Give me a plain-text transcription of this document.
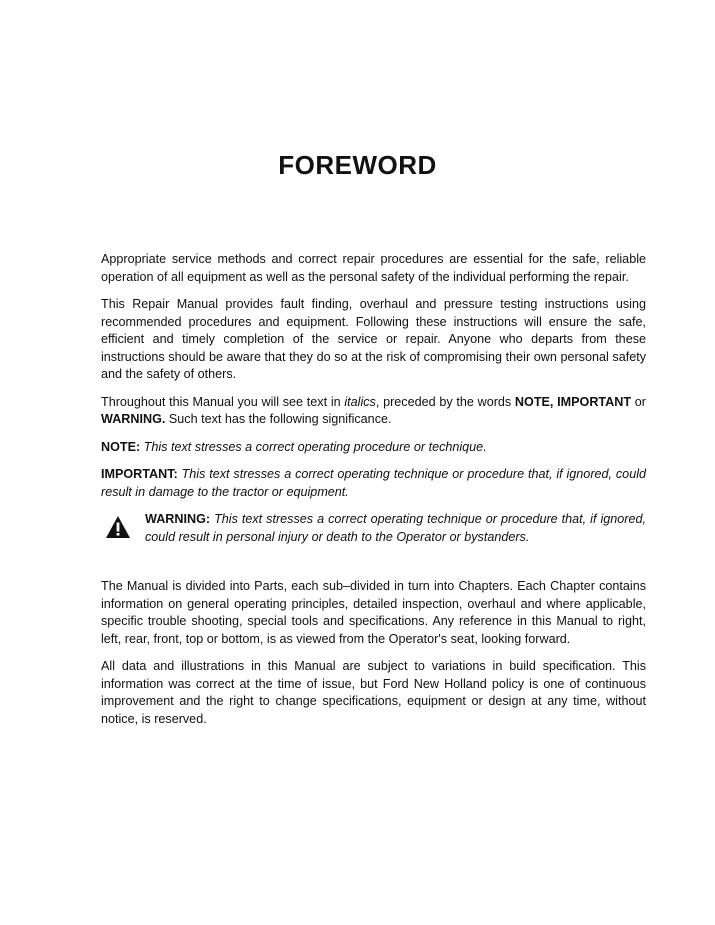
FOREWORD

Appropriate service methods and correct repair procedures are essential for the safe, reliable operation of all equipment as well as the personal safety of the individual performing the repair.

This Repair Manual provides fault finding, overhaul and pressure testing instructions using recommended procedures and equipment. Following these instructions will ensure the safe, efficient and timely completion of the service or repair. Anyone who departs from these instructions should be aware that they do so at the risk of compromising their own personal safety and the safety of others.

Throughout this Manual you will see text in italics, preceded by the words NOTE, IMPORTANT or WARNING. Such text has the following significance.

NOTE: This text stresses a correct operating procedure or technique.

IMPORTANT: This text stresses a correct operating technique or procedure that, if ignored, could result in damage to the tractor or equipment.

WARNING: This text stresses a correct operating technique or procedure that, if ignored, could result in personal injury or death to the Operator or bystanders.

The Manual is divided into Parts, each sub–divided in turn into Chapters. Each Chapter contains information on general operating principles, detailed inspection, overhaul and where applicable, specific trouble shooting, special tools and specifications. Any reference in this Manual to right, left, rear, front, top or bottom, is as viewed from the Operator's seat, looking forward.

All data and illustrations in this Manual are subject to variations in build specification. This information was correct at the time of issue, but Ford New Holland policy is one of continuous improvement and the right to change specifications, equipment or design at any time, without notice, is reserved.
